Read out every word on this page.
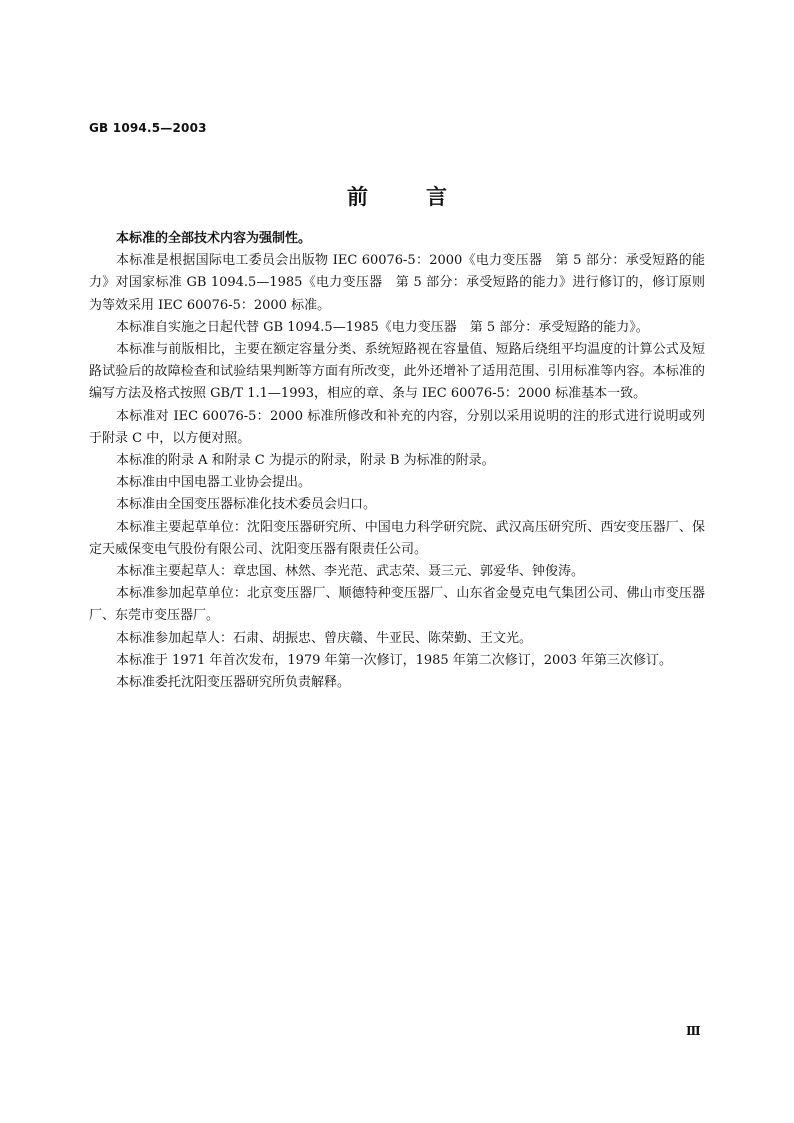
GB 1094.5—2003
前	言

本标准的全部技术内容为强制性。

本标准是根据国际电工委员会出版物 IEC 60076-5：2000《电力变压器　第 5 部分：承受短路的能力》对国家标准 GB 1094.5—1985《电力变压器　第 5 部分：承受短路的能力》进行修订的，修订原则为等效采用 IEC 60076-5：2000 标准。

本标准自实施之日起代替 GB 1094.5—1985《电力变压器　第 5 部分：承受短路的能力》。

本标准与前版相比，主要在额定容量分类、系统短路视在容量值、短路后绕组平均温度的计算公式及短路试验后的故障检查和试验结果判断等方面有所改变，此外还增补了适用范围、引用标准等内容。本标准的编写方法及格式按照 GB/T 1.1—1993，相应的章、条与 IEC 60076-5：2000 标准基本一致。

本标准对 IEC 60076-5：2000 标准所修改和补充的内容，分别以采用说明的注的形式进行说明或列于附录 C 中，以方便对照。

本标准的附录 A 和附录 C 为提示的附录，附录 B 为标准的附录。

本标准由中国电器工业协会提出。

本标准由全国变压器标准化技术委员会归口。

本标准主要起草单位：沈阳变压器研究所、中国电力科学研究院、武汉高压研究所、西安变压器厂、保定天威保变电气股份有限公司、沈阳变压器有限责任公司。

本标准主要起草人：章忠国、林然、李光范、武志荣、聂三元、郭爱华、钟俊涛。

本标准参加起草单位：北京变压器厂、顺德特种变压器厂、山东省金曼克电气集团公司、佛山市变压器厂、东莞市变压器厂。

本标准参加起草人：石肃、胡振忠、曾庆赣、牛亚民、陈荣勤、王文光。

本标准于 1971 年首次发布，1979 年第一次修订，1985 年第二次修订，2003 年第三次修订。

本标准委托沈阳变压器研究所负责解释。

Ⅲ
